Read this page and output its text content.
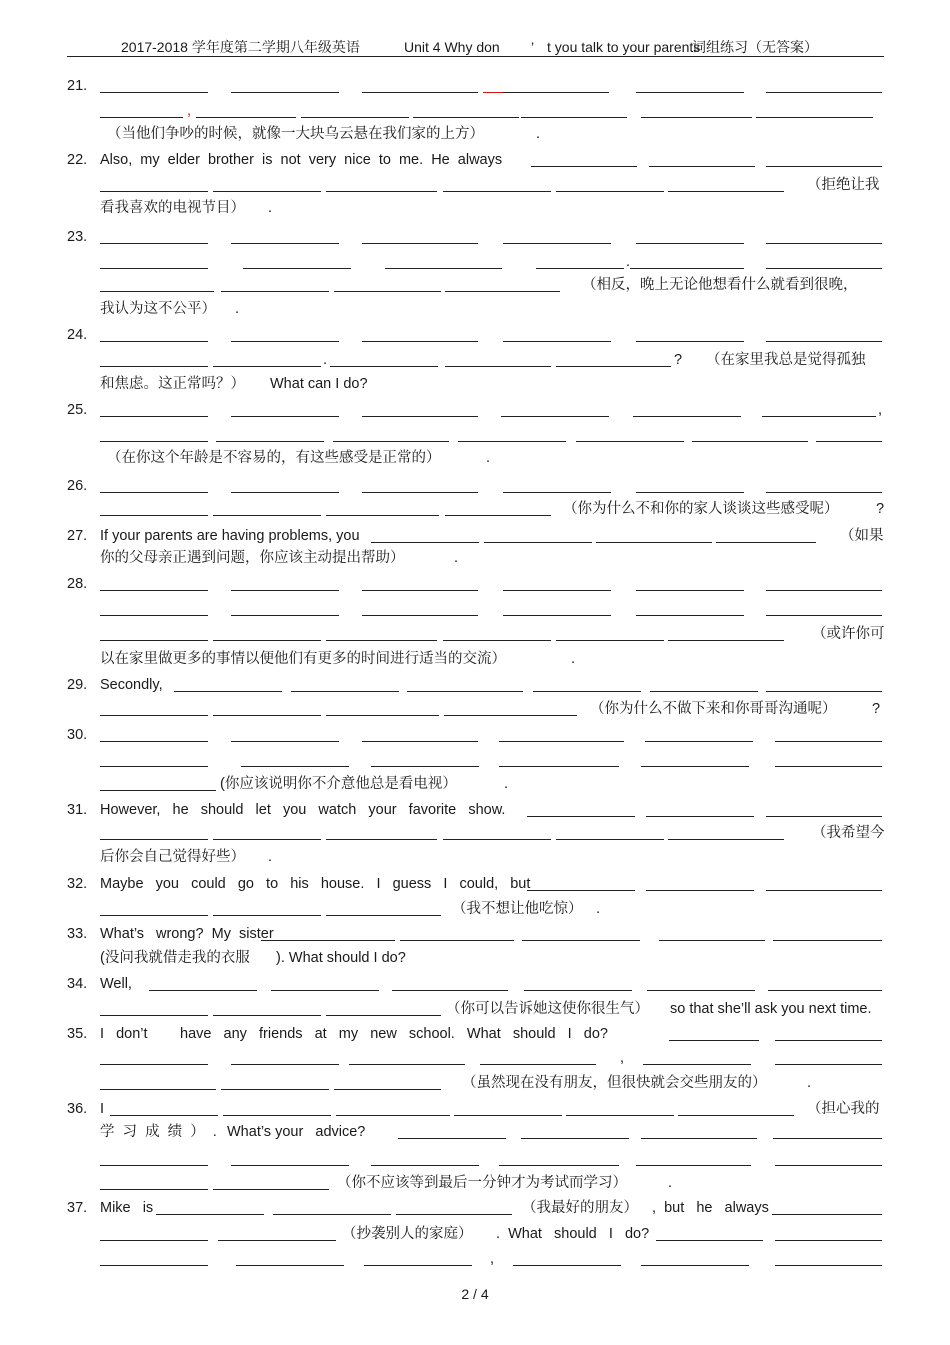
2017-2018 学年度第二学期八年级英语

	Unit 4 Why don

’

t you talk to your parents

词组练习（无答案）

21.
,
（当他们争吵的时候，就像一大块乌云悬在我们家的上方）	.
22. Also,  my  elder  brother  is  not  very  nice  to  me.  He  always
（拒绝让我
看我喜欢的电视节目） .
23.
.
（相反，晚上无论他想看什么就看到很晚，
我认为这不公平） .
24.
.	? （在家里我总是觉得孤独
和焦虑。这正常吗？） What can I do?
25.	,
（在你这个年龄是不容易的，有这些感受是正常的）	.
26.
（你为什么不和你的家人谈谈这些感受呢）	?
27. If your parents are having problems, you	（如果
你的父母亲正遇到问题，你应该主动提出帮助）	.
28.
（或许你可
以在家里做更多的事情以便他们有更多的时间进行适当的交流）	.
29. Secondly,
（你为什么不做下来和你哥哥沟通呢） ?
30.
(你应该说明你不介意他总是看电视）	.
31. However,   he   should   let   you   watch   your   favorite   show.
（我希望今
后你会自己觉得好些） .
32. Maybe   you   could   go   to   his   house.   I   guess   I   could,   but
（我不想让他吃惊） .
33. What’s wrong?  My  sister
(没问我就借走我的衣服 ). What should I do?
34. Well,
（你可以告诉她这使你很生气） so that she’ll ask you next time.
35. I   don’t have   any   friends   at   my   new   school.   What   should   I   do?
,
（虽然现在没有朋友，但很快就会交些朋友的）	.
36. I	（担心我的
学  习  成  绩  ）  . What’s your   advice?
（你不应该等到最后一分钟才为考试而学习）	.
37. Mike   is	（我最好的朋友） ,  but   he   always
（抄袭别人的家庭） .  What   should   I   do?
,
2 / 4
